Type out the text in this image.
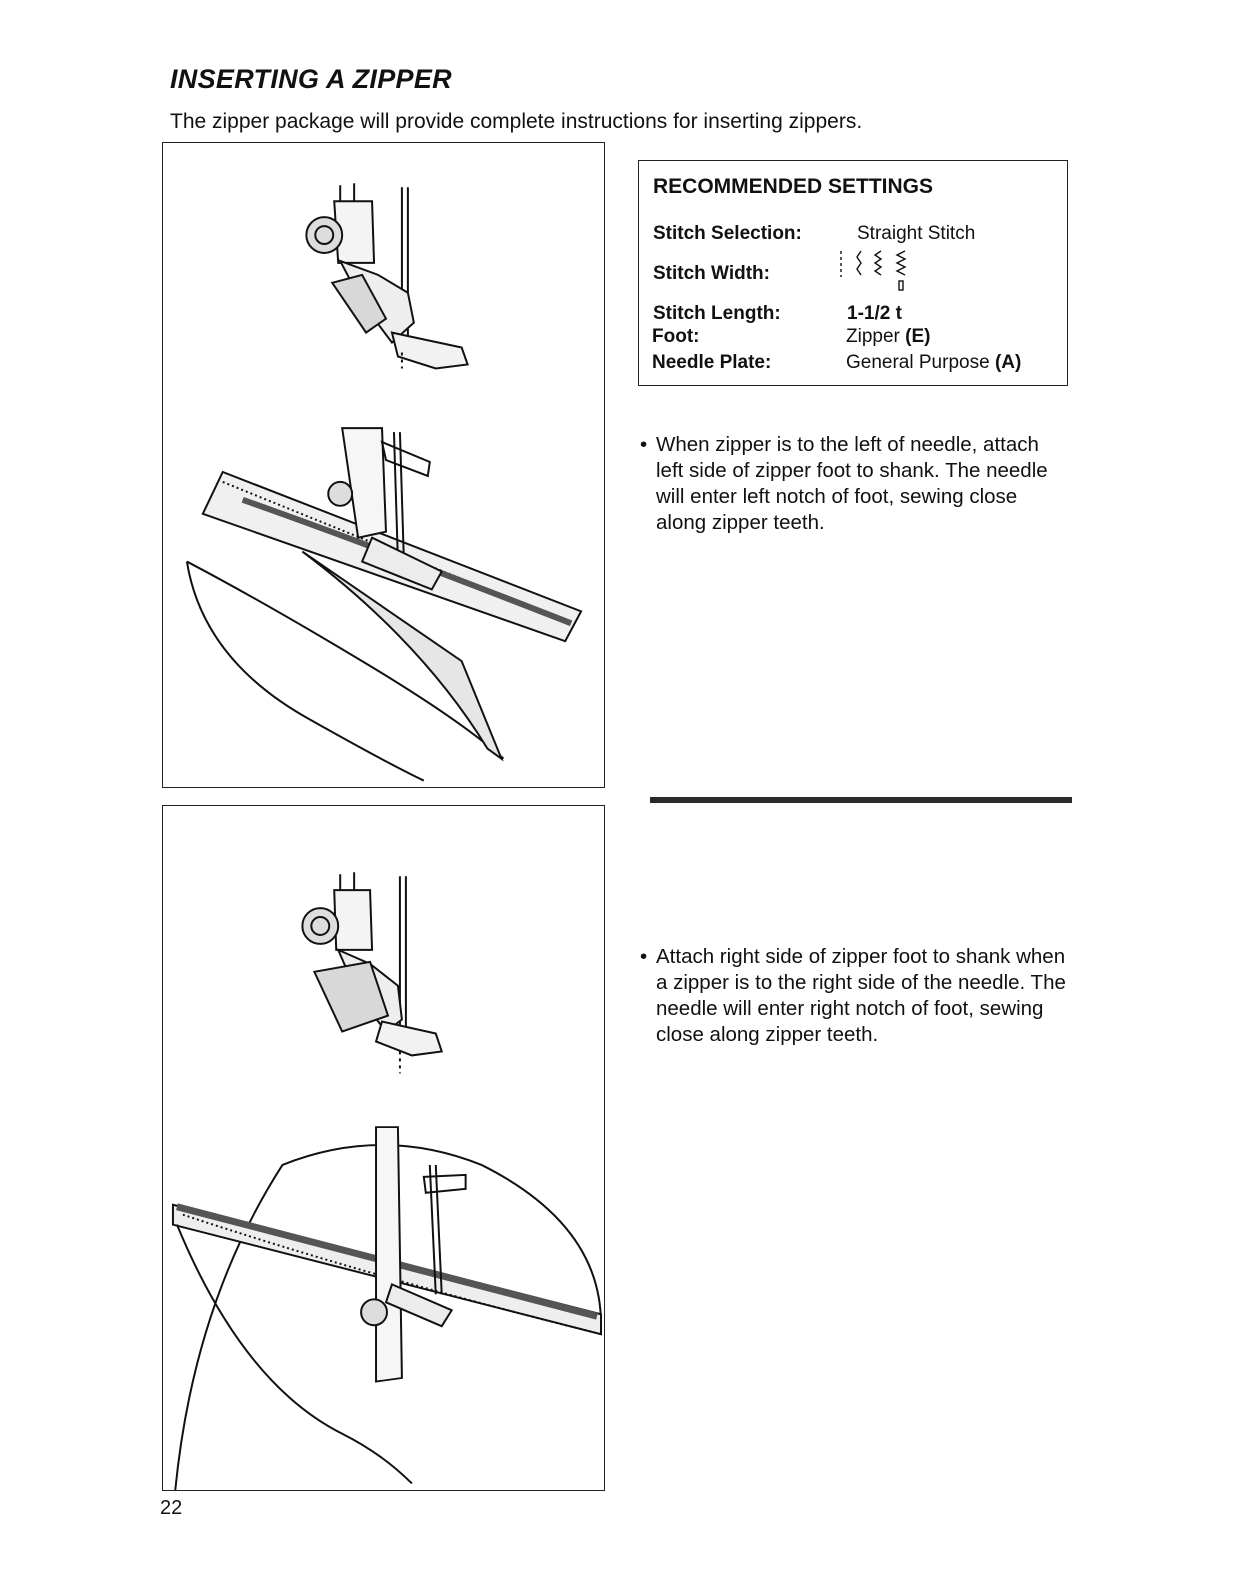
INSERTING A ZIPPER

The zipper package will provide complete instructions for inserting zippers.

RECOMMENDED SETTINGS
Stitch Selection:	Straight Stitch
Stitch Width:
Stitch Length:	1-1/2 t
Foot:	Zipper (E)
Needle Plate:	General Purpose (A)

• When zipper is to the left of needle, attach left side of zipper foot to shank. The needle will enter left notch of foot, sewing close along zipper teeth.

• Attach right side of zipper foot to shank when a zipper is to the right side of the needle. The needle will enter right notch of foot, sewing close along zipper teeth.

22
